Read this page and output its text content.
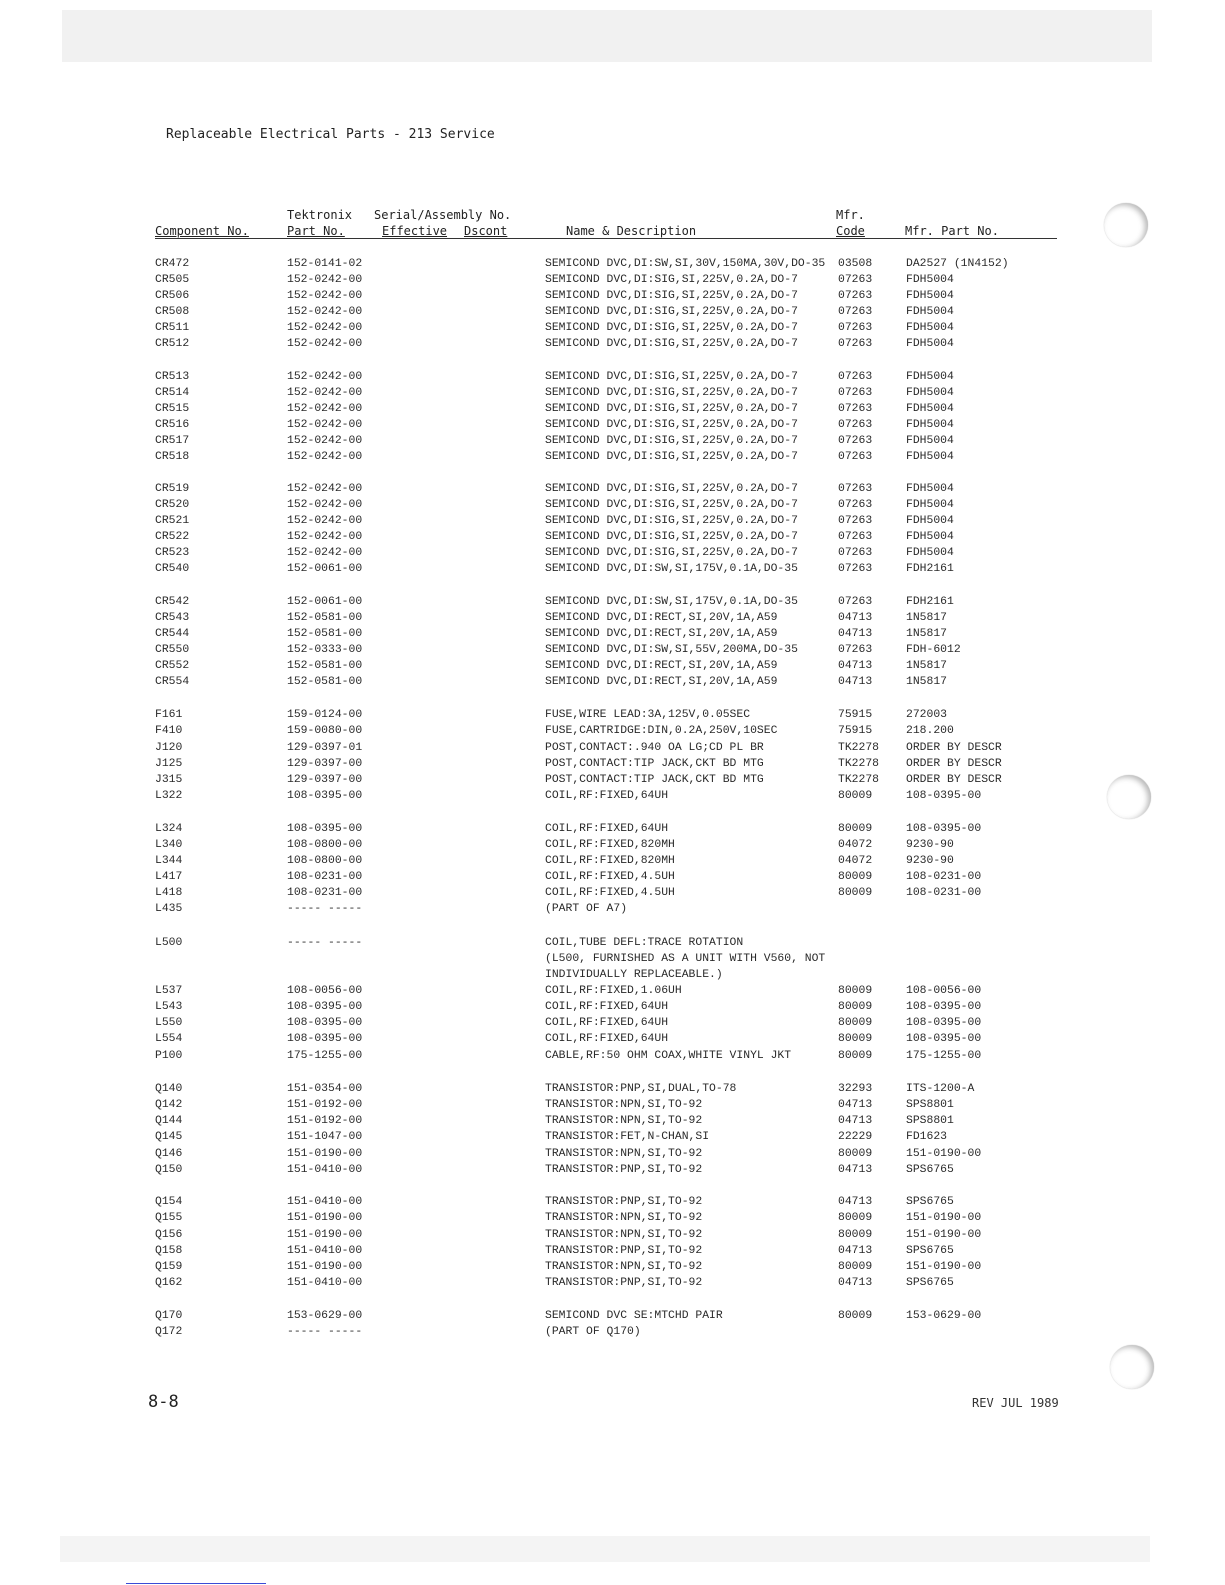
Replaceable Electrical Parts - 213 Service
Tektronix Serial/Assembly No.	Mfr.
Component No.	Part No.	Effective Dscont	Name & Description	Code	Mfr. Part No.
CR472	152-0141-02	SEMICOND DVC,DI:SW,SI,30V,150MA,30V,DO-35 03508	DA2527 (1N4152)
CR505	152-0242-00	SEMICOND DVC,DI:SIG,SI,225V,0.2A,DO-7	07263	FDH5004
CR506	152-0242-00	SEMICOND DVC,DI:SIG,SI,225V,0.2A,DO-7	07263	FDH5004
CR508	152-0242-00	SEMICOND DVC,DI:SIG,SI,225V,0.2A,DO-7	07263	FDH5004
CR511	152-0242-00	SEMICOND DVC,DI:SIG,SI,225V,0.2A,DO-7	07263	FDH5004
CR512	152-0242-00	SEMICOND DVC,DI:SIG,SI,225V,0.2A,DO-7	07263	FDH5004
CR513	152-0242-00	SEMICOND DVC,DI:SIG,SI,225V,0.2A,DO-7	07263	FDH5004
CR514	152-0242-00	SEMICOND DVC,DI:SIG,SI,225V,0.2A,DO-7	07263	FDH5004
CR515	152-0242-00	SEMICOND DVC,DI:SIG,SI,225V,0.2A,DO-7	07263	FDH5004
CR516	152-0242-00	SEMICOND DVC,DI:SIG,SI,225V,0.2A,DO-7	07263	FDH5004
CR517	152-0242-00	SEMICOND DVC,DI:SIG,SI,225V,0.2A,DO-7	07263	FDH5004
CR518	152-0242-00	SEMICOND DVC,DI:SIG,SI,225V,0.2A,DO-7	07263	FDH5004
CR519	152-0242-00	SEMICOND DVC,DI:SIG,SI,225V,0.2A,DO-7	07263	FDH5004
CR520	152-0242-00	SEMICOND DVC,DI:SIG,SI,225V,0.2A,DO-7	07263	FDH5004
CR521	152-0242-00	SEMICOND DVC,DI:SIG,SI,225V,0.2A,DO-7	07263	FDH5004
CR522	152-0242-00	SEMICOND DVC,DI:SIG,SI,225V,0.2A,DO-7	07263	FDH5004
CR523	152-0242-00	SEMICOND DVC,DI:SIG,SI,225V,0.2A,DO-7	07263	FDH5004
CR540	152-0061-00	SEMICOND DVC,DI:SW,SI,175V,0.1A,DO-35	07263	FDH2161
CR542	152-0061-00	SEMICOND DVC,DI:SW,SI,175V,0.1A,DO-35	07263	FDH2161
CR543	152-0581-00	SEMICOND DVC,DI:RECT,SI,20V,1A,A59	04713	1N5817
CR544	152-0581-00	SEMICOND DVC,DI:RECT,SI,20V,1A,A59	04713	1N5817
CR550	152-0333-00	SEMICOND DVC,DI:SW,SI,55V,200MA,DO-35	07263	FDH-6012
CR552	152-0581-00	SEMICOND DVC,DI:RECT,SI,20V,1A,A59	04713	1N5817
CR554	152-0581-00	SEMICOND DVC,DI:RECT,SI,20V,1A,A59	04713	1N5817
F161	159-0124-00	FUSE,WIRE LEAD:3A,125V,0.05SEC	75915	272003
F410	159-0080-00	FUSE,CARTRIDGE:DIN,0.2A,250V,10SEC	75915	218.200
J120	129-0397-01	POST,CONTACT:.940 OA LG;CD PL BR	TK2278 ORDER BY DESCR
J125	129-0397-00	POST,CONTACT:TIP JACK,CKT BD MTG	TK2278 ORDER BY DESCR
J315	129-0397-00	POST,CONTACT:TIP JACK,CKT BD MTG	TK2278 ORDER BY DESCR
L322	108-0395-00	COIL,RF:FIXED,64UH	80009	108-0395-00
L324	108-0395-00	COIL,RF:FIXED,64UH	80009	108-0395-00
L340	108-0800-00	COIL,RF:FIXED,820MH	04072	9230-90
L344	108-0800-00	COIL,RF:FIXED,820MH	04072	9230-90
L417	108-0231-00	COIL,RF:FIXED,4.5UH	80009	108-0231-00
L418	108-0231-00	COIL,RF:FIXED,4.5UH	80009	108-0231-00
L435	----- -----	(PART OF A7)
L500	----- -----	COIL,TUBE DEFL:TRACE ROTATION
(L500, FURNISHED AS A UNIT WITH V560, NOT
INDIVIDUALLY REPLACEABLE.)
L537	108-0056-00	COIL,RF:FIXED,1.06UH	80009	108-0056-00
L543	108-0395-00	COIL,RF:FIXED,64UH	80009	108-0395-00
L550	108-0395-00	COIL,RF:FIXED,64UH	80009	108-0395-00
L554	108-0395-00	COIL,RF:FIXED,64UH	80009	108-0395-00
P100	175-1255-00	CABLE,RF:50 OHM COAX,WHITE VINYL JKT	80009	175-1255-00
Q140	151-0354-00	TRANSISTOR:PNP,SI,DUAL,TO-78	32293	ITS-1200-A
Q142	151-0192-00	TRANSISTOR:NPN,SI,TO-92	04713	SPS8801
Q144	151-0192-00	TRANSISTOR:NPN,SI,TO-92	04713	SPS8801
Q145	151-1047-00	TRANSISTOR:FET,N-CHAN,SI	22229	FD1623
Q146	151-0190-00	TRANSISTOR:NPN,SI,TO-92	80009	151-0190-00
Q150	151-0410-00	TRANSISTOR:PNP,SI,TO-92	04713	SPS6765
Q154	151-0410-00	TRANSISTOR:PNP,SI,TO-92	04713	SPS6765
Q155	151-0190-00	TRANSISTOR:NPN,SI,TO-92	80009	151-0190-00
Q156	151-0190-00	TRANSISTOR:NPN,SI,TO-92	80009	151-0190-00
Q158	151-0410-00	TRANSISTOR:PNP,SI,TO-92	04713	SPS6765
Q159	151-0190-00	TRANSISTOR:NPN,SI,TO-92	80009	151-0190-00
Q162	151-0410-00	TRANSISTOR:PNP,SI,TO-92	04713	SPS6765
Q170	153-0629-00	SEMICOND DVC SE:MTCHD PAIR	80009	153-0629-00
Q172	----- -----	(PART OF Q170)
8-8	REV JUL 1989
